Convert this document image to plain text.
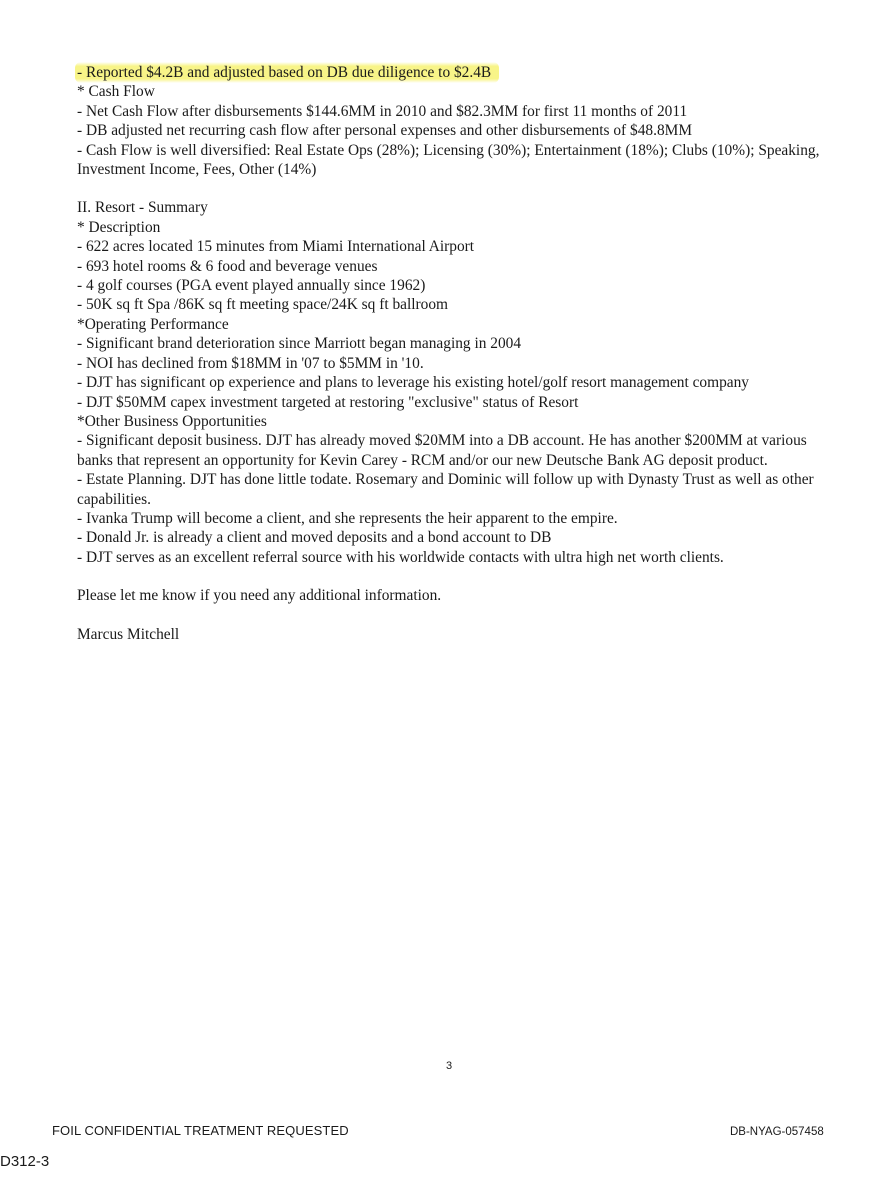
- Reported $4.2B and adjusted based on DB due diligence to $2.4B
* Cash Flow
- Net Cash Flow after disbursements $144.6MM in 2010 and $82.3MM for first 11 months of 2011
- DB adjusted net recurring cash flow after personal expenses and other disbursements of $48.8MM
- Cash Flow is well diversified: Real Estate Ops (28%); Licensing (30%); Entertainment (18%); Clubs (10%); Speaking, Investment Income, Fees, Other (14%)
II. Resort - Summary
* Description
- 622 acres located 15 minutes from Miami International Airport
- 693 hotel rooms & 6 food and beverage venues
- 4 golf courses (PGA event played annually since 1962)
- 50K sq ft Spa /86K sq ft meeting space/24K sq ft ballroom
*Operating Performance
- Significant brand deterioration since Marriott began managing in 2004
- NOI has declined from $18MM in '07 to $5MM in '10.
- DJT has significant op experience and plans to leverage his existing hotel/golf resort management company
- DJT $50MM capex investment targeted at restoring "exclusive" status of Resort
*Other Business Opportunities
- Significant deposit business. DJT has already moved $20MM into a DB account. He has another $200MM at various banks that represent an opportunity for Kevin Carey - RCM and/or our new Deutsche Bank AG deposit product.
- Estate Planning. DJT has done little todate. Rosemary and Dominic will follow up with Dynasty Trust as well as other capabilities.
- Ivanka Trump will become a client, and she represents the heir apparent to the empire.
- Donald Jr. is already a client and moved deposits and a bond account to DB
- DJT serves as an excellent referral source with his worldwide contacts with ultra high net worth clients.
Please let me know if you need any additional information.
Marcus Mitchell
3
FOIL CONFIDENTIAL TREATMENT REQUESTED	DB-NYAG-057458
D312-3
